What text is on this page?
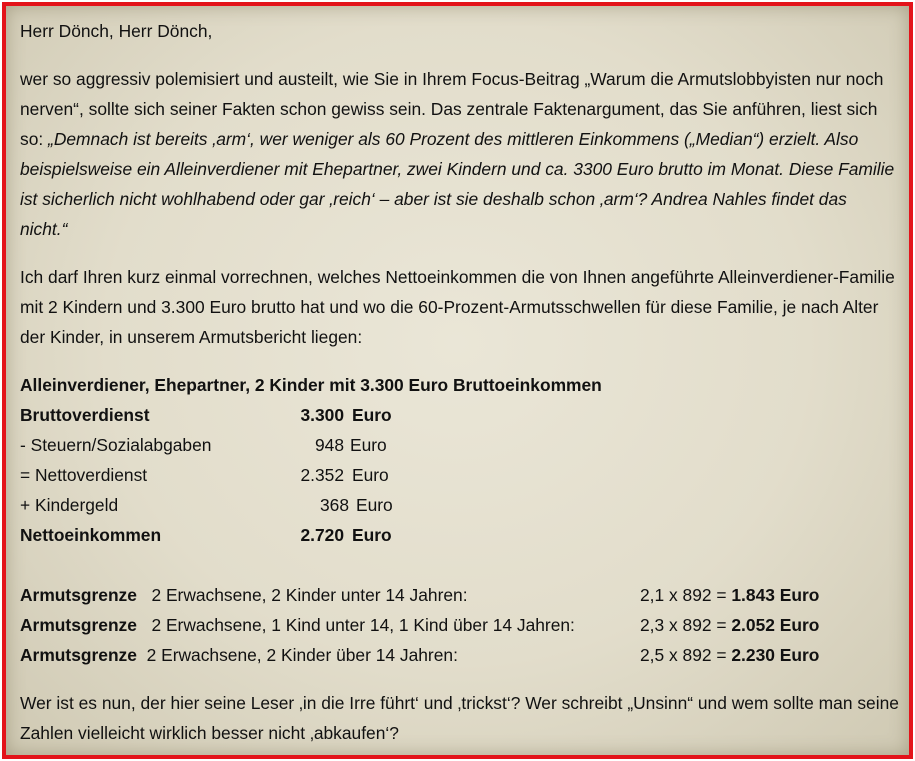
Herr Dönch, Herr Dönch,

wer so aggressiv polemisiert und austeilt, wie Sie in Ihrem Focus-Beitrag „Warum die Armutslobbyisten nur noch nerven“, sollte sich seiner Fakten schon gewiss sein. Das zentrale Faktenargument, das Sie anführen, liest sich so: „Demnach ist bereits ‚arm‘, wer weniger als 60 Prozent des mittleren Einkommens („Median“) erzielt. Also beispielsweise ein Alleinverdiener mit Ehepartner, zwei Kindern und ca. 3300 Euro brutto im Monat. Diese Familie ist sicherlich nicht wohlhabend oder gar ‚reich‘ – aber ist sie deshalb schon ‚arm‘? Andrea Nahles findet das nicht.“

Ich darf Ihren kurz einmal vorrechnen, welches Nettoeinkommen die von Ihnen angeführte Alleinverdiener-Familie mit 2 Kindern und 3.300 Euro brutto hat und wo die 60-Prozent-Armutsschwellen für diese Familie, je nach Alter der Kinder, in unserem Armutsbericht liegen:

Alleinverdiener, Ehepartner, 2 Kinder mit 3.300 Euro Bruttoeinkommen
Bruttoverdienst	3.300 Euro
- Steuern/Sozialabgaben	948 Euro
= Nettoverdienst	2.352 Euro
+ Kindergeld	368 Euro
Nettoeinkommen	2.720 Euro
Armutsgrenze 2 Erwachsene, 2 Kinder unter 14 Jahren:	2,1 x 892 = 1.843 Euro
Armutsgrenze 2 Erwachsene, 1 Kind unter 14, 1 Kind über 14 Jahren:	2,3 x 892 = 2.052 Euro
Armutsgrenze 2 Erwachsene, 2 Kinder über 14 Jahren:	2,5 x 892 = 2.230 Euro

Wer ist es nun, der hier seine Leser ‚in die Irre führt‘ und ‚trickst‘? Wer schreibt „Unsinn“ und wem sollte man seine Zahlen vielleicht wirklich besser nicht ‚abkaufen‘?
